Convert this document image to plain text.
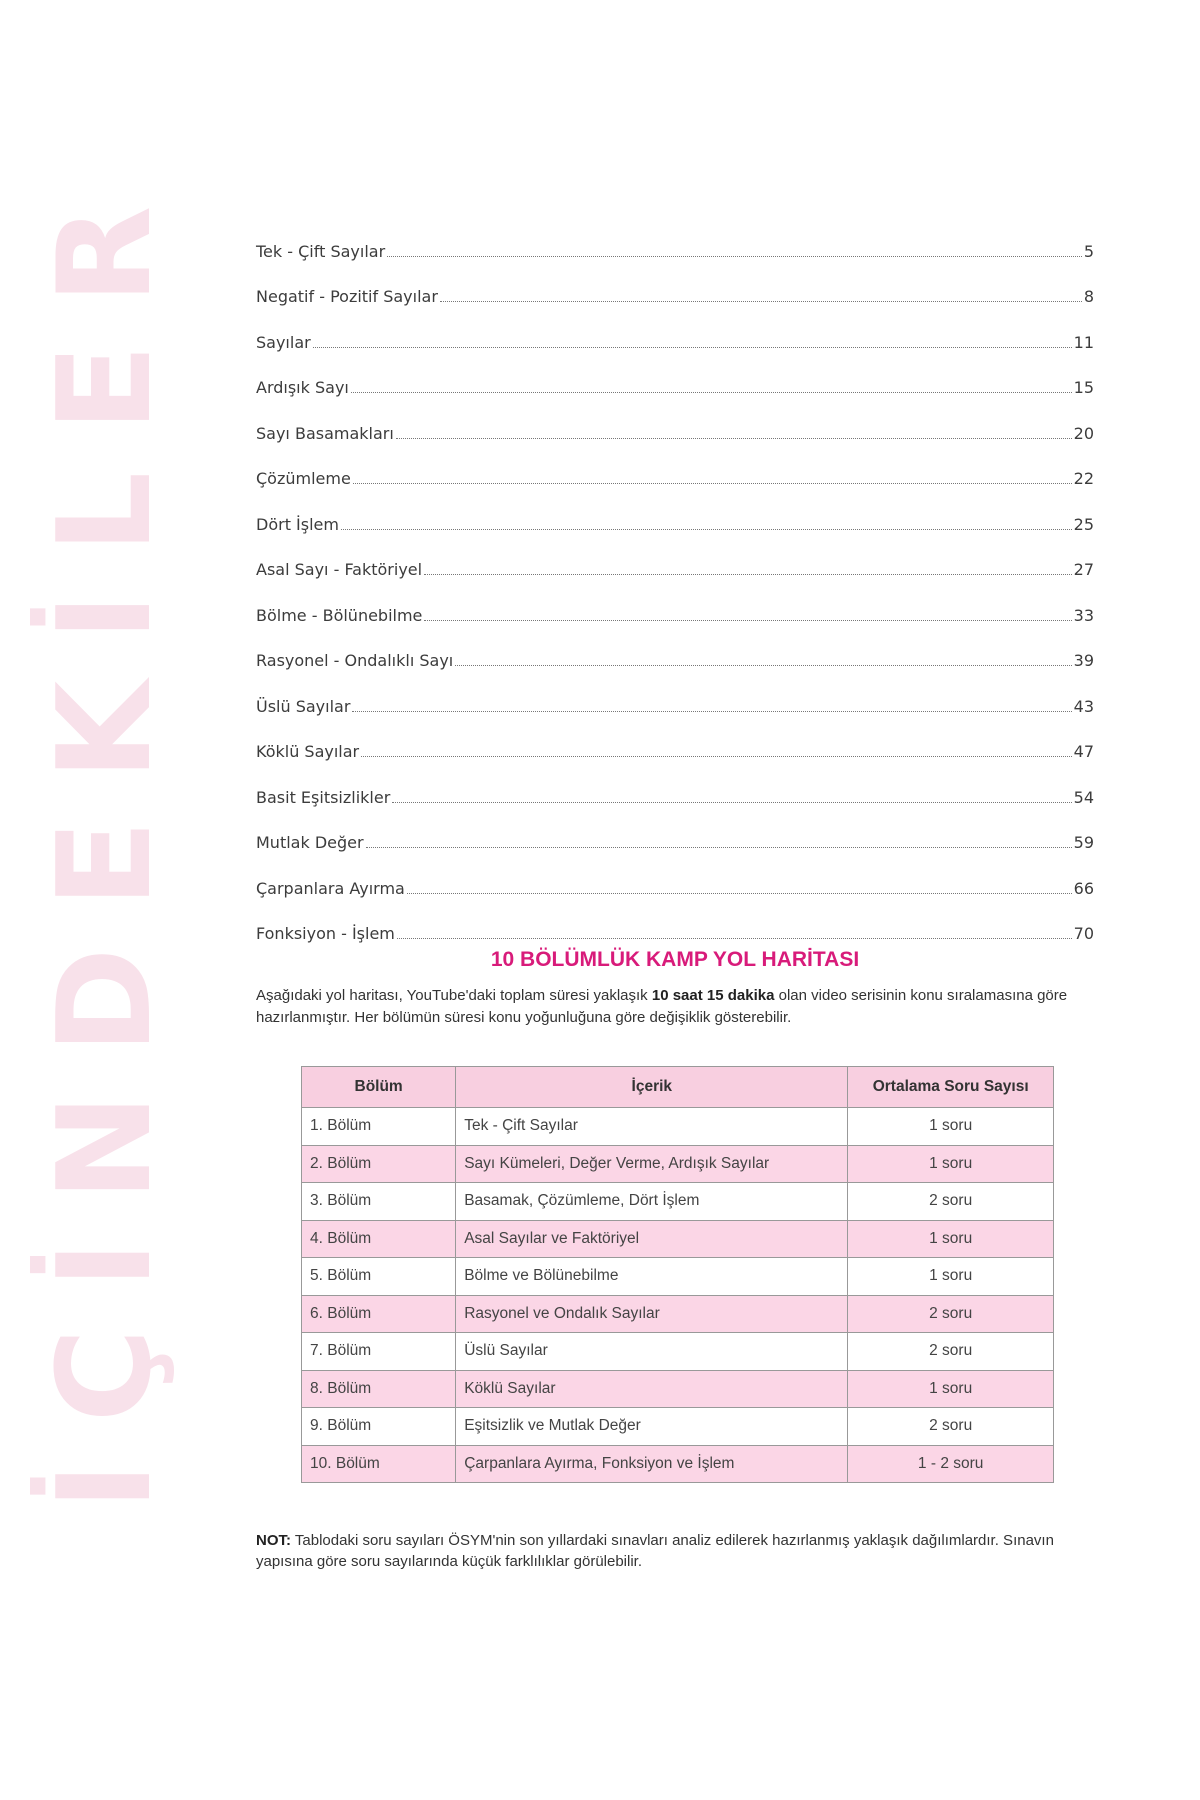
İÇİNDEKİLER	Tek - Çift Sayılar	5
Negatif - Pozitif Sayılar	8
Sayılar	11
Ardışık Sayı	15
Sayı Basamakları	20
Çözümleme	22
Dört İşlem	25
Asal Sayı - Faktöriyel	27
Bölme - Bölünebilme	33
Rasyonel - Ondalıklı Sayı	39
Üslü Sayılar	43
Köklü Sayılar	47
Basit Eşitsizlikler	54
Mutlak Değer	59
Çarpanlara Ayırma	66
Fonksiyon - İşlem	70
10 BÖLÜMLÜK KAMP YOL HARİTASI
Aşağıdaki yol haritası, YouTube'daki toplam süresi yaklaşık 10 saat 15 dakika olan video serisinin konu sıralamasına göre hazırlanmıştır. Her bölümün süresi konu yoğunluğuna göre değişiklik gösterebilir.
Bölüm	İçerik	Ortalama Soru Sayısı
1. Bölüm	Tek - Çift Sayılar	1 soru
2. Bölüm	Sayı Kümeleri, Değer Verme, Ardışık Sayılar	1 soru
3. Bölüm	Basamak, Çözümleme, Dört İşlem	2 soru
4. Bölüm	Asal Sayılar ve Faktöriyel	1 soru
5. Bölüm	Bölme ve Bölünebilme	1 soru
6. Bölüm	Rasyonel ve Ondalık Sayılar	2 soru
7. Bölüm	Üslü Sayılar	2 soru
8. Bölüm	Köklü Sayılar	1 soru
9. Bölüm	Eşitsizlik ve Mutlak Değer	2 soru
10. Bölüm	Çarpanlara Ayırma, Fonksiyon ve İşlem	1 - 2 soru
NOT: Tablodaki soru sayıları ÖSYM'nin son yıllardaki sınavları analiz edilerek hazırlanmış yaklaşık dağılımlardır. Sınavın yapısına göre soru sayılarında küçük farklılıklar görülebilir.
